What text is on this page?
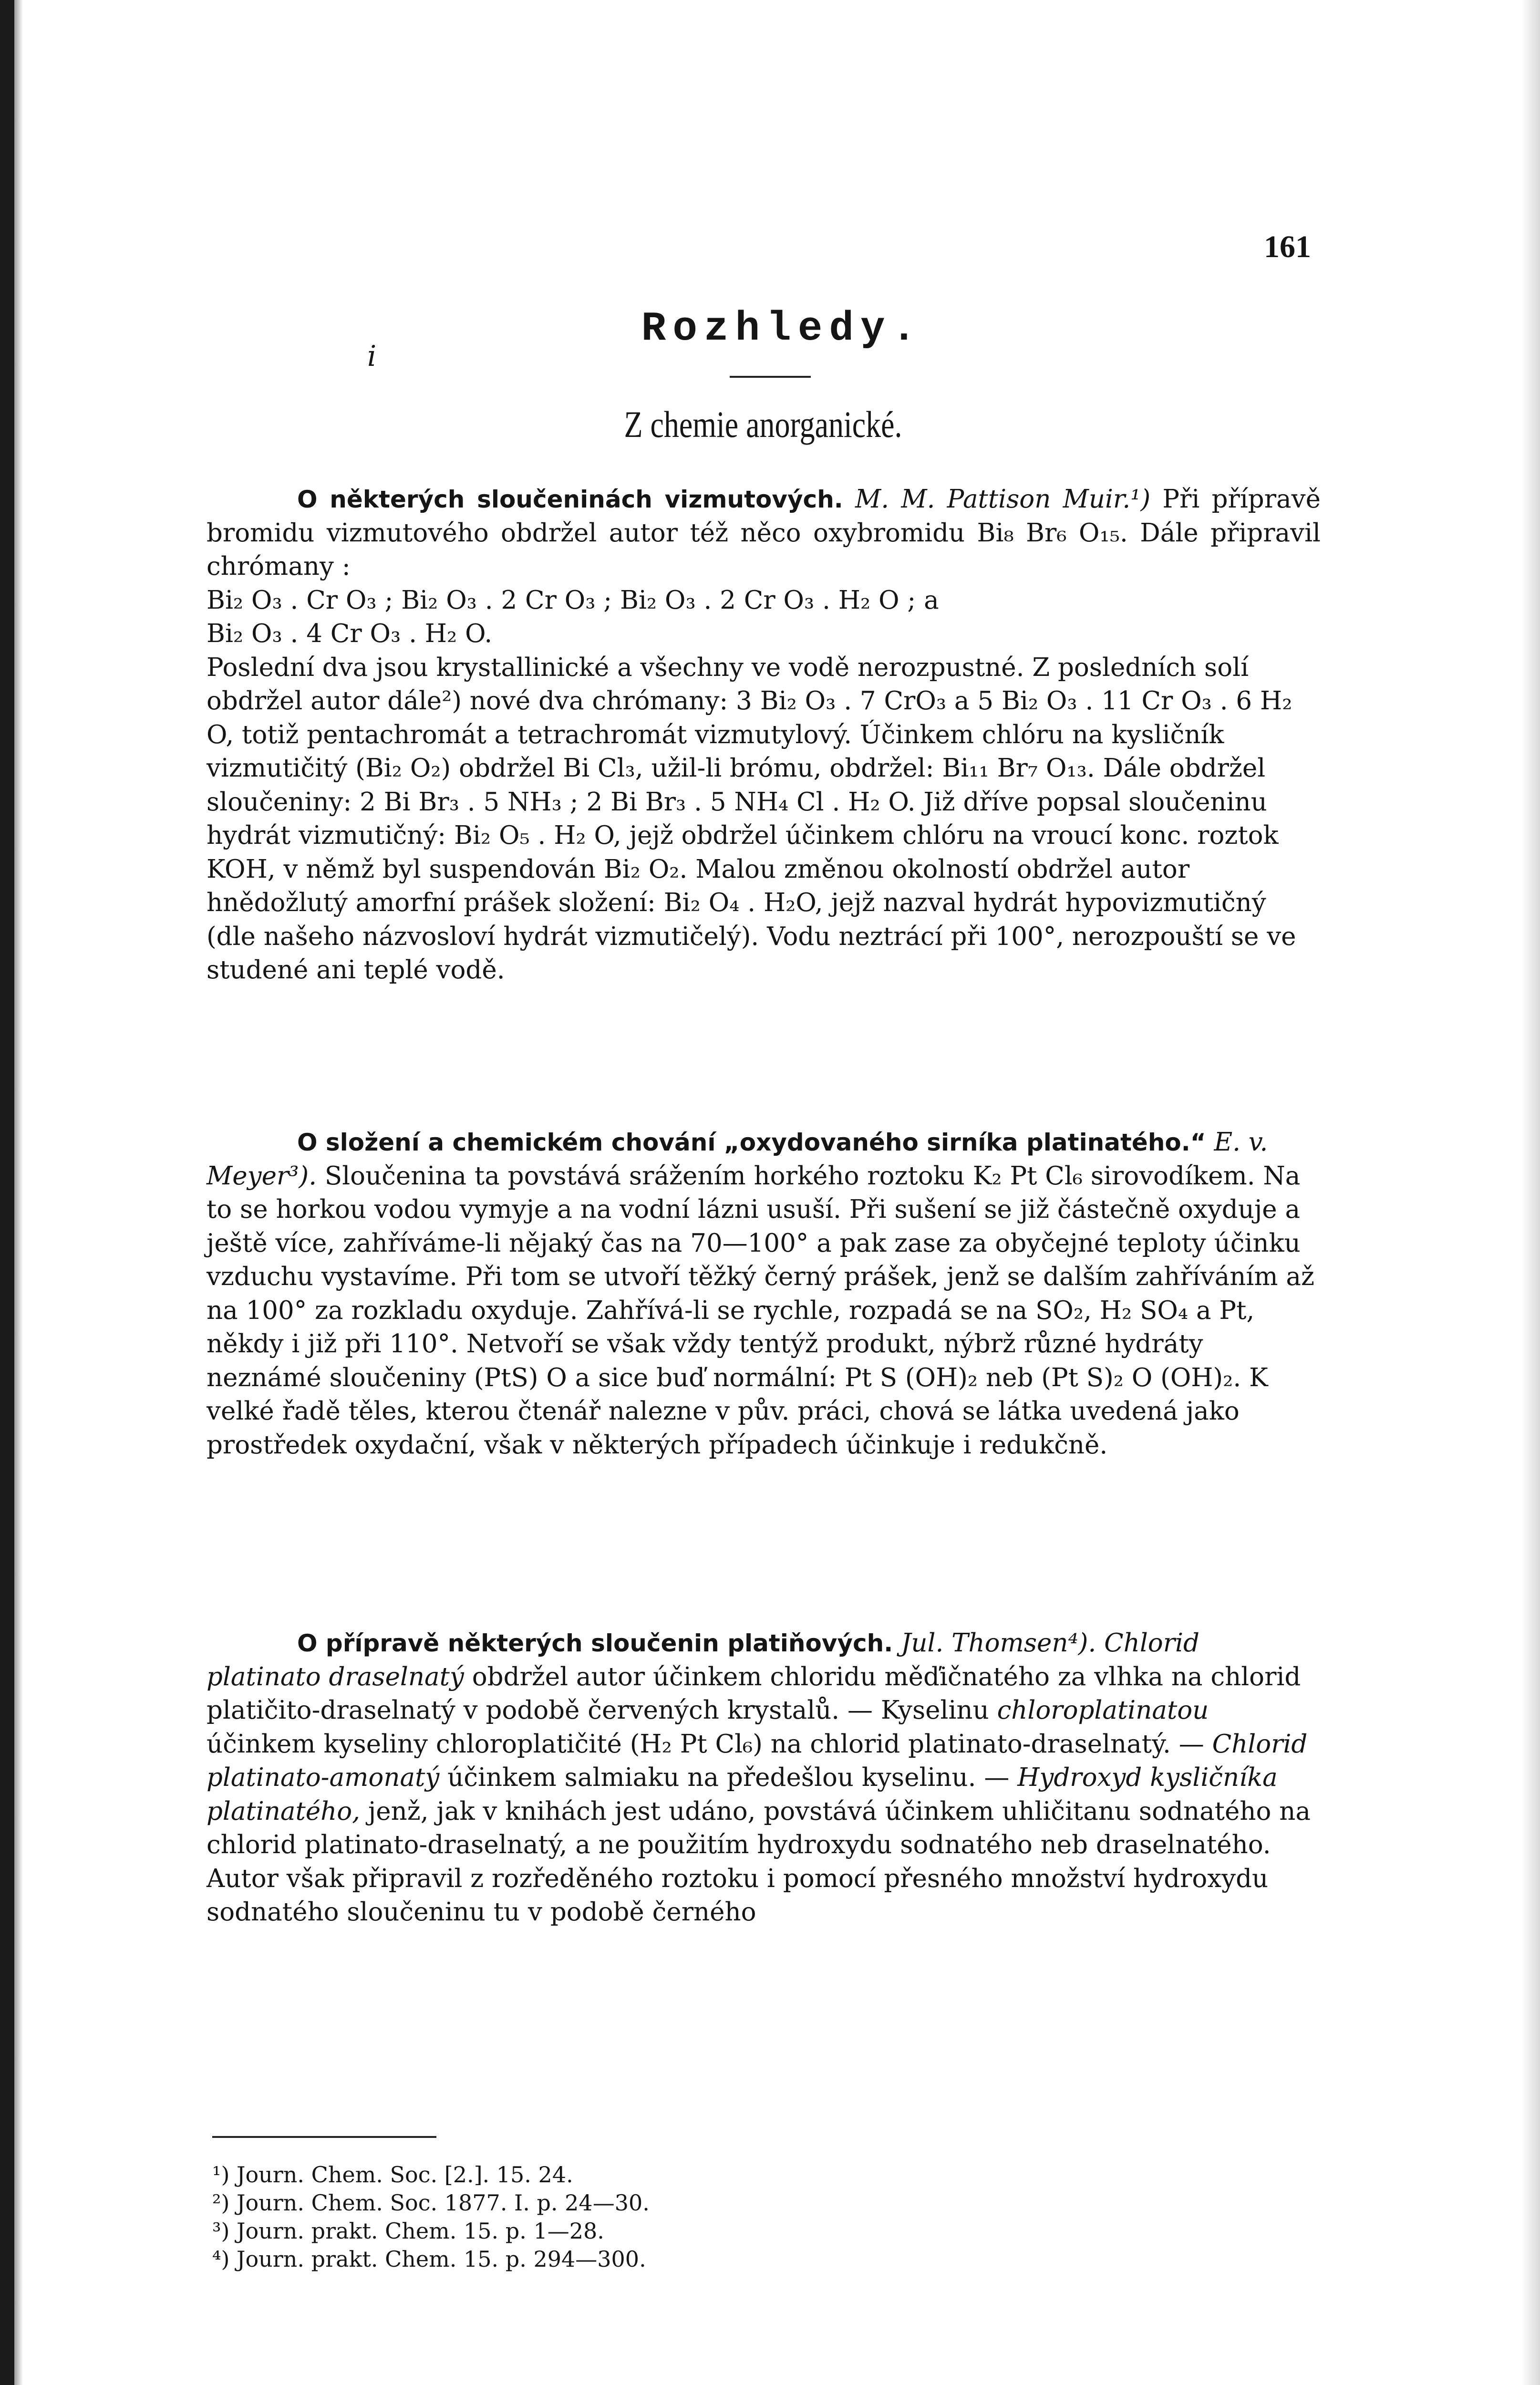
161
i
Rozhledy.
Z chemie anorganické.

O některých sloučeninách vizmutových. M. M. Pattison Muir.¹) Při přípravě bromidu vizmutového obdržel autor též něco oxybromidu Bi₈ Br₆ O₁₅. Dále připravil chrómany :

Bi₂ O₃ . Cr O₃ ; Bi₂ O₃ . 2 Cr O₃ ; Bi₂ O₃ . 2 Cr O₃ . H₂ O ; a

Bi₂ O₃ . 4 Cr O₃ . H₂ O.

Poslední dva jsou krystallinické a všechny ve vodě nerozpustné. Z posledních solí obdržel autor dále²) nové dva chrómany: 3 Bi₂ O₃ . 7 CrO₃ a 5 Bi₂ O₃ . 11 Cr O₃ . 6 H₂ O, totiž pentachromát a tetrachromát vizmutylový. Účinkem chlóru na kysličník vizmutičitý (Bi₂ O₂) obdržel Bi Cl₃, užil-li brómu, obdržel: Bi₁₁ Br₇ O₁₃. Dále obdržel sloučeniny: 2 Bi Br₃ . 5 NH₃ ; 2 Bi Br₃ . 5 NH₄ Cl . H₂ O. Již dříve popsal sloučeninu hydrát vizmutičný: Bi₂ O₅ . H₂ O, jejž obdržel účinkem chlóru na vroucí konc. roztok KOH, v němž byl suspendován Bi₂ O₂. Malou změnou okolností obdržel autor hnědožlutý amorfní prášek složení: Bi₂ O₄ . H₂O, jejž nazval hydrát hypovizmutičný (dle našeho názvosloví hydrát vizmutičelý). Vodu neztrácí při 100°, nerozpouští se ve studené ani teplé vodě.

O složení a chemickém chování „oxydovaného sirníka platinatého.“ E. v. Meyer³). Sloučenina ta povstává srážením horkého roztoku K₂ Pt Cl₆ sirovodíkem. Na to se horkou vodou vymyje a na vodní lázni usuší. Při sušení se již částečně oxyduje a ještě více, zahříváme-li nějaký čas na 70—100° a pak zase za obyčejné teploty účinku vzduchu vystavíme. Při tom se utvoří těžký černý prášek, jenž se dalším zahříváním až na 100° za rozkladu oxyduje. Zahřívá-li se rychle, rozpadá se na SO₂, H₂ SO₄ a Pt, někdy i již při 110°. Netvoří se však vždy tentýž produkt, nýbrž různé hydráty neznámé sloučeniny (PtS) O a sice buď normální: Pt S (OH)₂ neb (Pt S)₂ O (OH)₂. K velké řadě těles, kterou čtenář nalezne v pův. práci, chová se látka uvedená jako prostředek oxydační, však v některých případech účinkuje i redukčně.

O přípravě některých sloučenin platiňových. Jul. Thomsen⁴). Chlorid platinato draselnatý obdržel autor účinkem chloridu měďičnatého za vlhka na chlorid platičito-draselnatý v podobě červených krystalů. — Kyselinu chloroplatinatou účinkem kyseliny chloroplatičité (H₂ Pt Cl₆) na chlorid platinato-draselnatý. — Chlorid platinato-amonatý účinkem salmiaku na předešlou kyselinu. — Hydroxyd kysličníka platinatého, jenž, jak v knihách jest udáno, povstává účinkem uhličitanu sodnatého na chlorid platinato-draselnatý, a ne použitím hydroxydu sodnatého neb draselnatého. Autor však připravil z rozředěného roztoku i pomocí přesného množství hydroxydu sodnatého sloučeninu tu v podobě černého

¹) Journ. Chem. Soc. [2.]. 15. 24.
²) Journ. Chem. Soc. 1877. I. p. 24—30.
³) Journ. prakt. Chem. 15. p. 1—28.
⁴) Journ. prakt. Chem. 15. p. 294—300.
